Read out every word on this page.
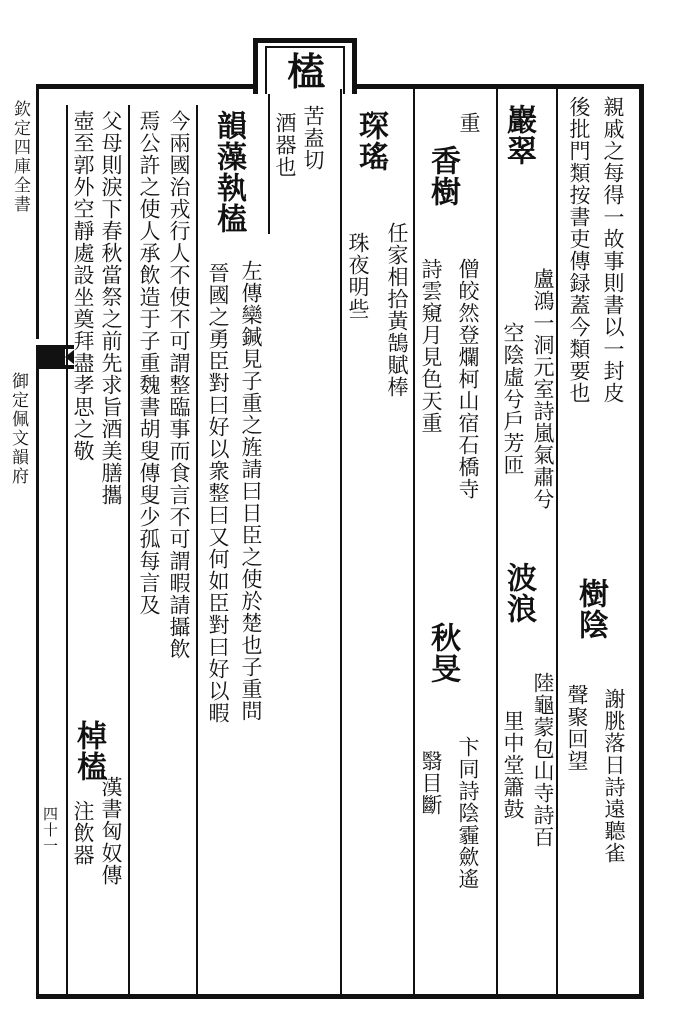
欽定四庫全書
御定佩文韻府
四十一
榼
苦盍切
酒器也	親戚之每得一故事則書以一封皮
後批門類按書吏傳録蓋今類要也
樹陰
謝朓落日詩遠聽雀
巖翠
盧鴻一洞元室詩嵐氣肅兮
聲聚回望
空陰虛兮戶芳匝
波浪
陸龜蒙包山寺詩百
里中堂簫鼓
香樹
僧皎然登爛柯山宿石橋寺
秋旻
卞同詩陰霾歛遙
詩雲窺月見色天重
翳目斷
重
琛瑤
任家相拾黃鵠賦棒
珠夜明些
韻藻執榼
左傳欒鍼見子重之旌請曰日臣之使於楚也子重問
晉國之勇臣對曰好以衆整曰又何如臣對曰好以暇
今兩國治戎行人不使不可謂整臨事而食言不可謂暇請攝飲
焉公許之使人承飲造于子重魏書胡叟傳叟少孤每言及
父母則淚下春秋當祭之前先求旨酒美膳攜
棹榼
漢書匈奴傳
壺至郭外空靜處設坐奠拜盡孝思之敬
注飲器
